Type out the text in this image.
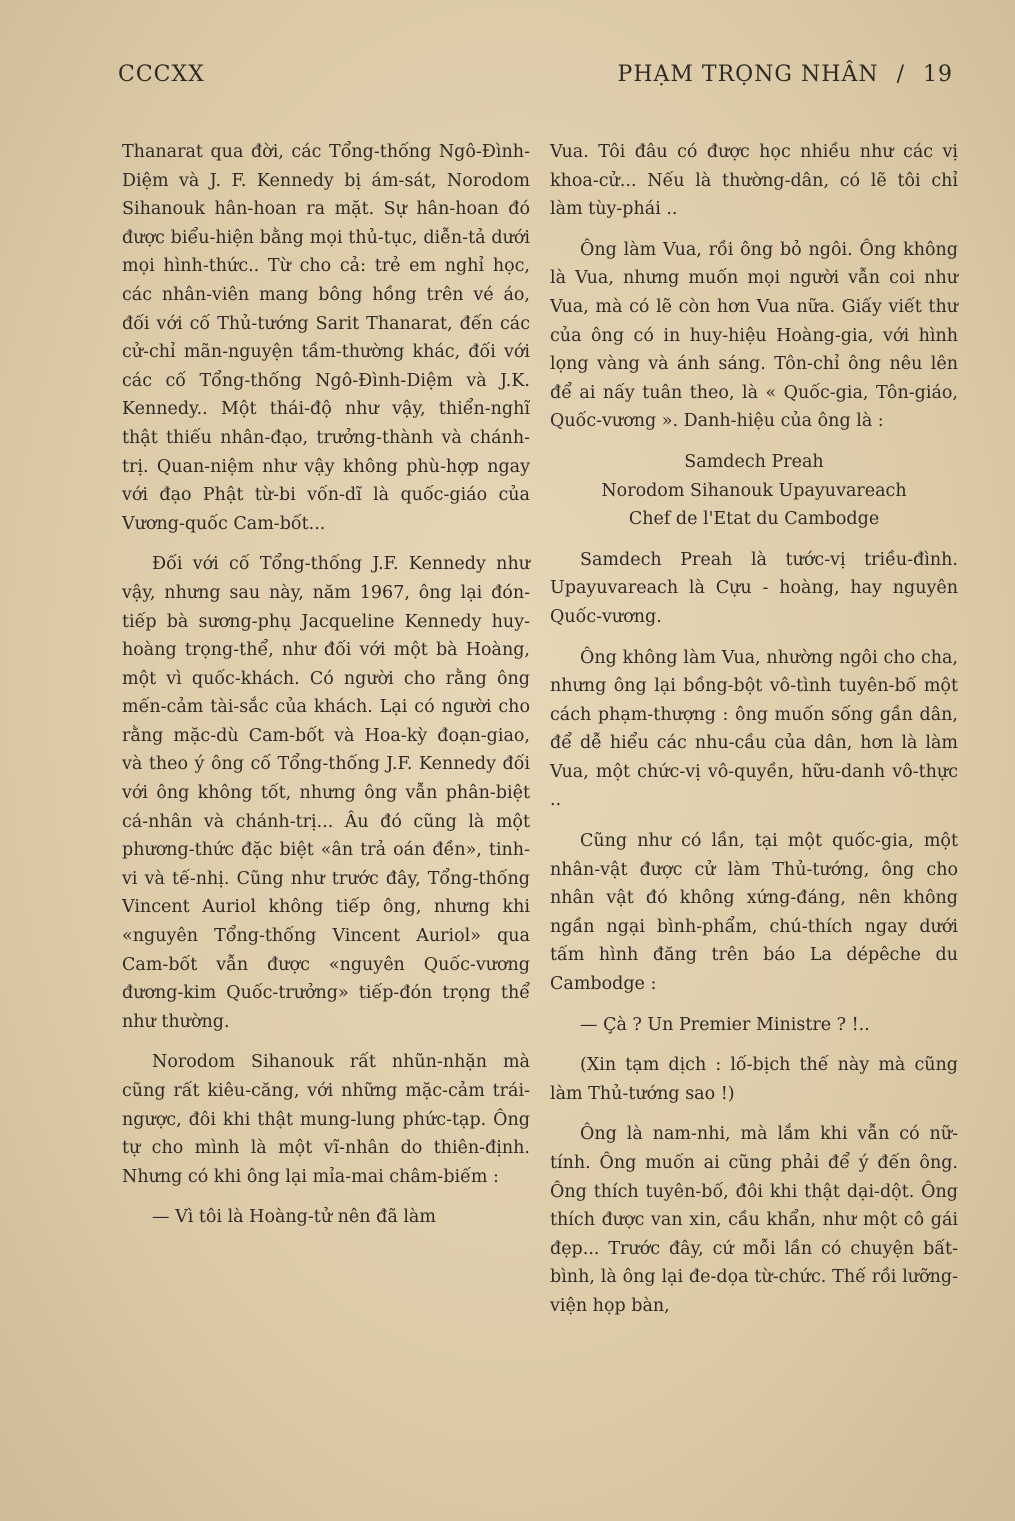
CCCXX	PHẠM TRỌNG NHÂN / 19

Thanarat qua đời, các Tổng-thống Ngô-Đình-Diệm và J. F. Kennedy bị ám-sát, Norodom Sihanouk hân-hoan ra mặt. Sự hân-hoan đó được biểu-hiện bằng mọi thủ-tục, diễn-tả dưới mọi hình-thức.. Từ cho cả: trẻ em nghỉ học, các nhân-viên mang bông hồng trên vé áo, đối với cố Thủ-tướng Sarit Thanarat, đến các cử-chỉ mãn-nguyện tầm-thường khác, đối với các cố Tổng-thống Ngô-Đình-Diệm và J.K. Kennedy.. Một thái-độ như vậy, thiển-nghĩ thật thiếu nhân-đạo, trưởng-thành và chánh-trị. Quan-niệm như vậy không phù-hợp ngay với đạo Phật từ-bi vốn-dĩ là quốc-giáo của Vương-quốc Cam-bốt...

Đối với cố Tổng-thống J.F. Kennedy như vậy, nhưng sau này, năm 1967, ông lại đón-tiếp bà sương-phụ Jacqueline Kennedy huy-hoàng trọng-thể, như đối với một bà Hoàng, một vì quốc-khách. Có người cho rằng ông mến-cảm tài-sắc của khách. Lại có người cho rằng mặc-dù Cam-bốt và Hoa-kỳ đoạn-giao, và theo ý ông cố Tổng-thống J.F. Kennedy đối với ông không tốt, nhưng ông vẫn phân-biệt cá-nhân và chánh-trị... Âu đó cũng là một phương-thức đặc biệt «ân trả oán đền», tinh-vi và tế-nhị. Cũng như trước đây, Tổng-thống Vincent Auriol không tiếp ông, nhưng khi «nguyên Tổng-thống Vincent Auriol» qua Cam-bốt vẫn được «nguyên Quốc-vương đương-kim Quốc-trưởng» tiếp-đón trọng thể như thường.

Norodom Sihanouk rất nhũn-nhặn mà cũng rất kiêu-căng, với những mặc-cảm trái-ngược, đôi khi thật mung-lung phức-tạp. Ông tự cho mình là một vĩ-nhân do thiên-định. Nhưng có khi ông lại mỉa-mai châm-biếm :

— Vì tôi là Hoàng-tử nên đã làm

Vua. Tôi đâu có được học nhiều như các vị khoa-cử... Nếu là thường-dân, có lẽ tôi chỉ làm tùy-phái ..

Ông làm Vua, rồi ông bỏ ngôi. Ông không là Vua, nhưng muốn mọi người vẫn coi như Vua, mà có lẽ còn hơn Vua nữa. Giấy viết thư của ông có in huy-hiệu Hoàng-gia, với hình lọng vàng và ánh sáng. Tôn-chỉ ông nêu lên để ai nấy tuân theo, là « Quốc-gia, Tôn-giáo, Quốc-vương ». Danh-hiệu của ông là :

Samdech Preah

Norodom Sihanouk Upayuvareach

Chef de l'Etat du Cambodge

Samdech Preah là tước-vị triều-đình. Upayuvareach là Cựu - hoàng, hay nguyên Quốc-vương.

Ông không làm Vua, nhường ngôi cho cha, nhưng ông lại bồng-bột vô-tình tuyên-bố một cách phạm-thượng : ông muốn sống gần dân, để dễ hiểu các nhu-cầu của dân, hơn là làm Vua, một chức-vị vô-quyền, hữu-danh vô-thực ..

Cũng như có lần, tại một quốc-gia, một nhân-vật được cử làm Thủ-tướng, ông cho nhân vật đó không xứng-đáng, nên không ngần ngại bình-phẩm, chú-thích ngay dưới tấm hình đăng trên báo La dépêche du Cambodge :

— Çà ? Un Premier Ministre ? !..

(Xin tạm dịch : lố-bịch thế này mà cũng làm Thủ-tướng sao !)

Ông là nam-nhi, mà lắm khi vẫn có nữ-tính. Ông muốn ai cũng phải để ý đến ông. Ông thích tuyên-bố, đôi khi thật dại-dột. Ông thích được van xin, cầu khẩn, như một cô gái đẹp... Trước đây, cứ mỗi lần có chuyện bất-bình, là ông lại đe-dọa từ-chức. Thế rồi lưỡng-viện họp bàn,
